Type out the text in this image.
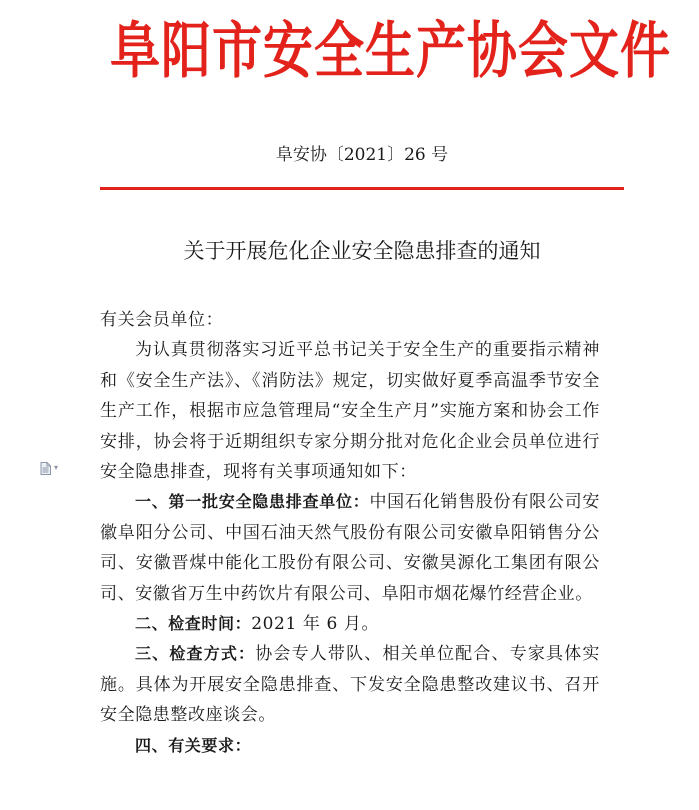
阜阳市安全生产协会文件
阜安协〔2021〕26 号
关于开展危化企业安全隐患排查的通知
▾

有关会员单位：

为认真贯彻落实习近平总书记关于安全生产的重要指示精神和《安全生产法》、《消防法》规定，切实做好夏季高温季节安全生产工作，根据市应急管理局“安全生产月”实施方案和协会工作安排，协会将于近期组织专家分期分批对危化企业会员单位进行安全隐患排查，现将有关事项通知如下：

一、第一批安全隐患排查单位：中国石化销售股份有限公司安徽阜阳分公司、中国石油天然气股份有限公司安徽阜阳销售分公司、安徽晋煤中能化工股份有限公司、安徽昊源化工集团有限公司、安徽省万生中药饮片有限公司、阜阳市烟花爆竹经营企业。

二、检查时间：2021 年 6 月。

三、检查方式：协会专人带队、相关单位配合、专家具体实施。具体为开展安全隐患排查、下发安全隐患整改建议书、召开安全隐患整改座谈会。

四、有关要求：
